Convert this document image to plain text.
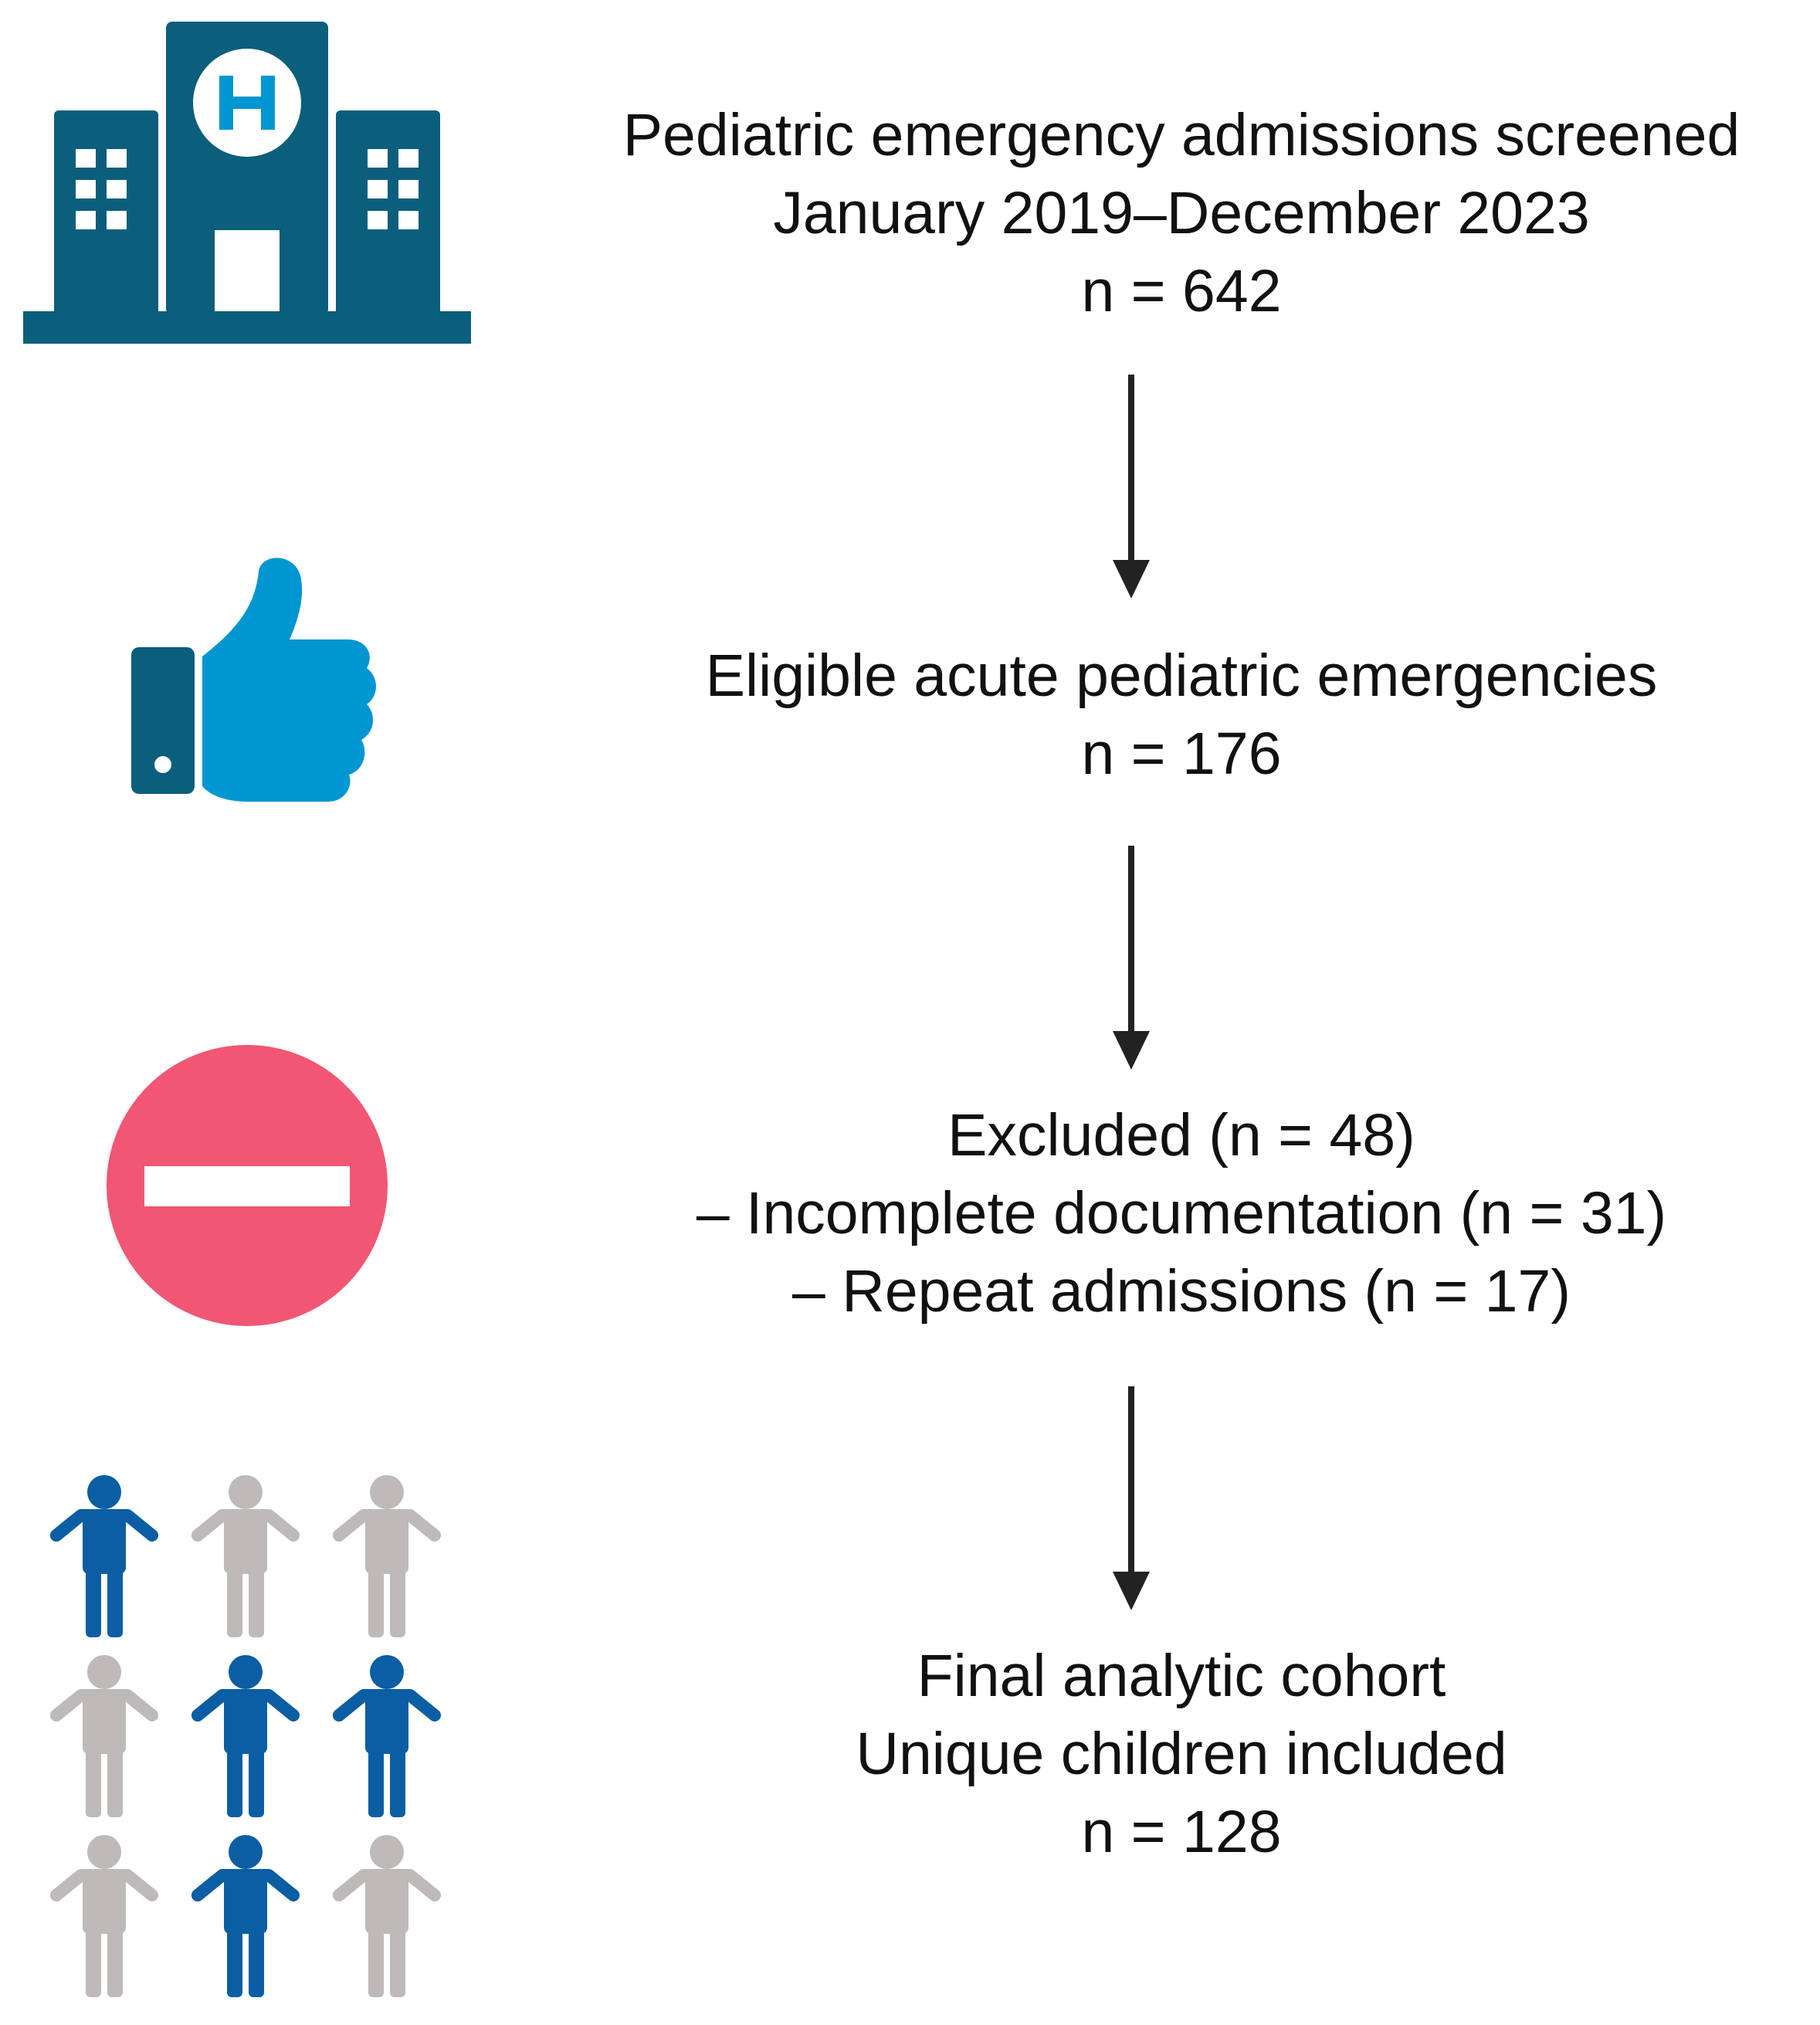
Pediatric emergency admissions screened
January 2019–December 2023
n = 642
Eligible acute pediatric emergencies
n = 176
Excluded (n = 48)
– Incomplete documentation (n = 31)
– Repeat admissions (n = 17)
Final analytic cohort
Unique children included
n = 128
